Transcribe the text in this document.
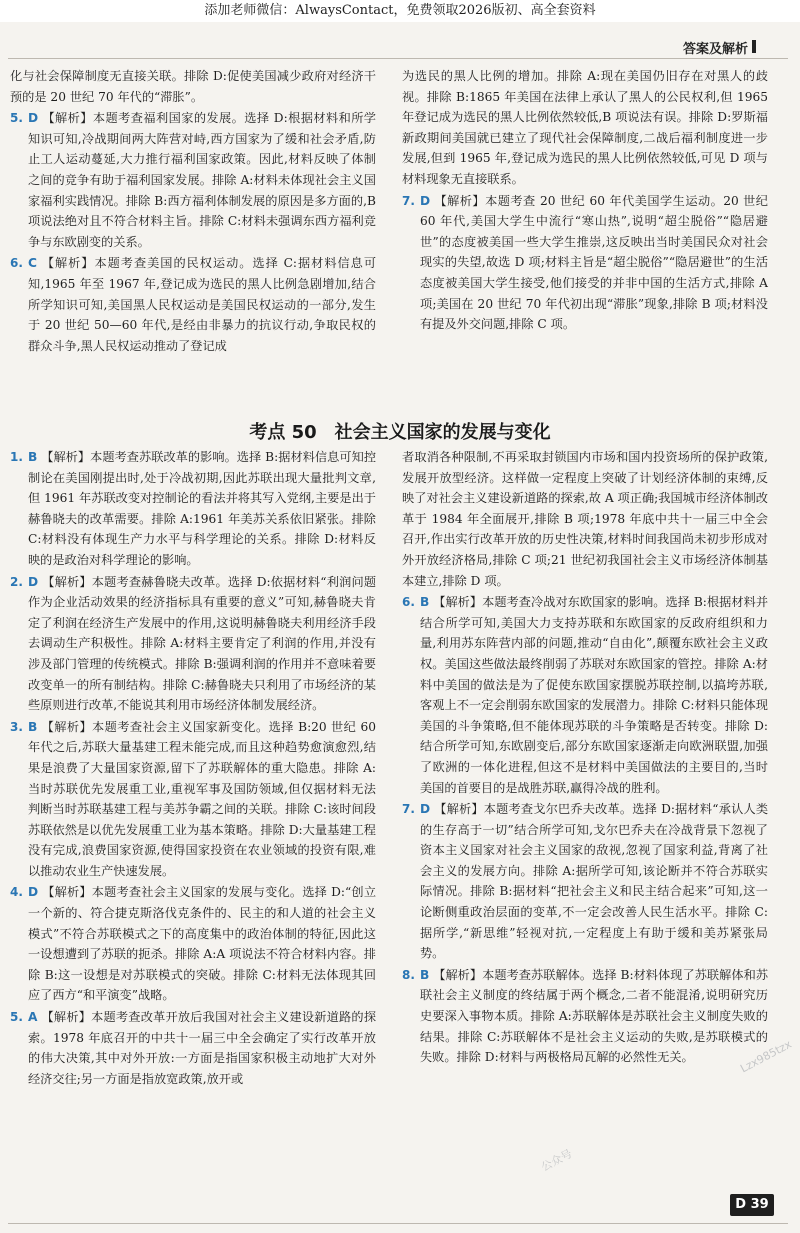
添加老师微信：AlwaysContact，免费领取2026版初、高全套资料
答案及解析

化与社会保障制度无直接关联。排除 D:促使美国减少政府对经济干预的是 20 世纪 70 年代的“滞胀”。

5. D 【解析】本题考查福利国家的发展。选择 D:根据材料和所学知识可知,冷战期间两大阵营对峙,西方国家为了缓和社会矛盾,防止工人运动蔓延,大力推行福利国家政策。因此,材料反映了体制之间的竞争有助于福利国家发展。排除 A:材料未体现社会主义国家福利实践情况。排除 B:西方福利体制发展的原因是多方面的,B 项说法绝对且不符合材料主旨。排除 C:材料未强调东西方福利竞争与东欧剧变的关系。

6. C 【解析】本题考查美国的民权运动。选择 C:据材料信息可知,1965 年至 1967 年,登记成为选民的黑人比例急剧增加,结合所学知识可知,美国黑人民权运动是美国民权运动的一部分,发生于 20 世纪 50—60 年代,是经由非暴力的抗议行动,争取民权的群众斗争,黑人民权运动推动了登记成

为选民的黑人比例的增加。排除 A:现在美国仍旧存在对黑人的歧视。排除 B:1865 年美国在法律上承认了黑人的公民权利,但 1965 年登记成为选民的黑人比例依然较低,B 项说法有误。排除 D:罗斯福新政期间美国就已建立了现代社会保障制度,二战后福利制度进一步发展,但到 1965 年,登记成为选民的黑人比例依然较低,可见 D 项与材料现象无直接联系。

7. D 【解析】本题考查 20 世纪 60 年代美国学生运动。20 世纪 60 年代,美国大学生中流行“寒山热”,说明“超尘脱俗”“隐居避世”的态度被美国一些大学生推崇,这反映出当时美国民众对社会现实的失望,故选 D 项;材料主旨是“超尘脱俗”“隐居避世”的生活态度被美国大学生接受,他们接受的并非中国的生活方式,排除 A 项;美国在 20 世纪 70 年代初出现“滞胀”现象,排除 B 项;材料没有提及外交问题,排除 C 项。

考点 50　社会主义国家的发展与变化

1. B 【解析】本题考查苏联改革的影响。选择 B:据材料信息可知控制论在美国刚提出时,处于冷战初期,因此苏联出现大量批判文章,但 1961 年苏联改变对控制论的看法并将其写入党纲,主要是出于赫鲁晓夫的改革需要。排除 A:1961 年美苏关系依旧紧张。排除 C:材料没有体现生产力水平与科学理论的关系。排除 D:材料反映的是政治对科学理论的影响。

2. D 【解析】本题考查赫鲁晓夫改革。选择 D:依据材料“利润问题作为企业活动效果的经济指标具有重要的意义”可知,赫鲁晓夫肯定了利润在经济生产发展中的作用,这说明赫鲁晓夫利用经济手段去调动生产积极性。排除 A:材料主要肯定了利润的作用,并没有涉及部门管理的传统模式。排除 B:强调利润的作用并不意味着要改变单一的所有制结构。排除 C:赫鲁晓夫只利用了市场经济的某些原则进行改革,不能说其利用市场经济体制发展经济。

3. B 【解析】本题考查社会主义国家新变化。选择 B:20 世纪 60 年代之后,苏联大量基建工程未能完成,而且这种趋势愈演愈烈,结果是浪费了大量国家资源,留下了苏联解体的重大隐患。排除 A:当时苏联优先发展重工业,重视军事及国防领域,但仅据材料无法判断当时苏联基建工程与美苏争霸之间的关联。排除 C:该时间段苏联依然是以优先发展重工业为基本策略。排除 D:大量基建工程没有完成,浪费国家资源,使得国家投资在农业领域的投资有限,难以推动农业生产快速发展。

4. D 【解析】本题考查社会主义国家的发展与变化。选择 D:“创立一个新的、符合捷克斯洛伐克条件的、民主的和人道的社会主义模式”不符合苏联模式之下的高度集中的政治体制的特征,因此这一设想遭到了苏联的扼杀。排除 A:A 项说法不符合材料内容。排除 B:这一设想是对苏联模式的突破。排除 C:材料无法体现其回应了西方“和平演变”战略。

5. A 【解析】本题考查改革开放后我国对社会主义建设新道路的探索。1978 年底召开的中共十一届三中全会确定了实行改革开放的伟大决策,其中对外开放:一方面是指国家积极主动地扩大对外经济交往;另一方面是指放宽政策,放开或

者取消各种限制,不再采取封锁国内市场和国内投资场所的保护政策,发展开放型经济。这样做一定程度上突破了计划经济体制的束缚,反映了对社会主义建设新道路的探索,故 A 项正确;我国城市经济体制改革于 1984 年全面展开,排除 B 项;1978 年底中共十一届三中全会召开,作出实行改革开放的历史性决策,材料时间我国尚未初步形成对外开放经济格局,排除 C 项;21 世纪初我国社会主义市场经济体制基本建立,排除 D 项。

6. B 【解析】本题考查冷战对东欧国家的影响。选择 B:根据材料并结合所学可知,美国大力支持苏联和东欧国家的反政府组织和力量,利用苏东阵营内部的问题,推动“自由化”,颠覆东欧社会主义政权。美国这些做法最终削弱了苏联对东欧国家的管控。排除 A:材料中美国的做法是为了促使东欧国家摆脱苏联控制,以搞垮苏联,客观上不一定会削弱东欧国家的发展潜力。排除 C:材料只能体现美国的斗争策略,但不能体现苏联的斗争策略是否转变。排除 D:结合所学可知,东欧剧变后,部分东欧国家逐渐走向欧洲联盟,加强了欧洲的一体化进程,但这不是材料中美国做法的主要目的,当时美国的首要目的是战胜苏联,赢得冷战的胜利。

7. D 【解析】本题考查戈尔巴乔夫改革。选择 D:据材料“承认人类的生存高于一切”结合所学可知,戈尔巴乔夫在冷战背景下忽视了资本主义国家对社会主义国家的敌视,忽视了国家利益,背离了社会主义的发展方向。排除 A:据所学可知,该论断并不符合苏联实际情况。排除 B:据材料“把社会主义和民主结合起来”可知,这一论断侧重政治层面的变革,不一定会改善人民生活水平。排除 C:据所学,“新思维”轻视对抗,一定程度上有助于缓和美苏紧张局势。

8. B 【解析】本题考查苏联解体。选择 B:材料体现了苏联解体和苏联社会主义制度的终结属于两个概念,二者不能混淆,说明研究历史要深入事物本质。排除 A:苏联解体是苏联社会主义制度失败的结果。排除 C:苏联解体不是社会主义运动的失败,是苏联模式的失败。排除 D:材料与两极格局瓦解的必然性无关。	Lzx985tzx
公众号
D 39
